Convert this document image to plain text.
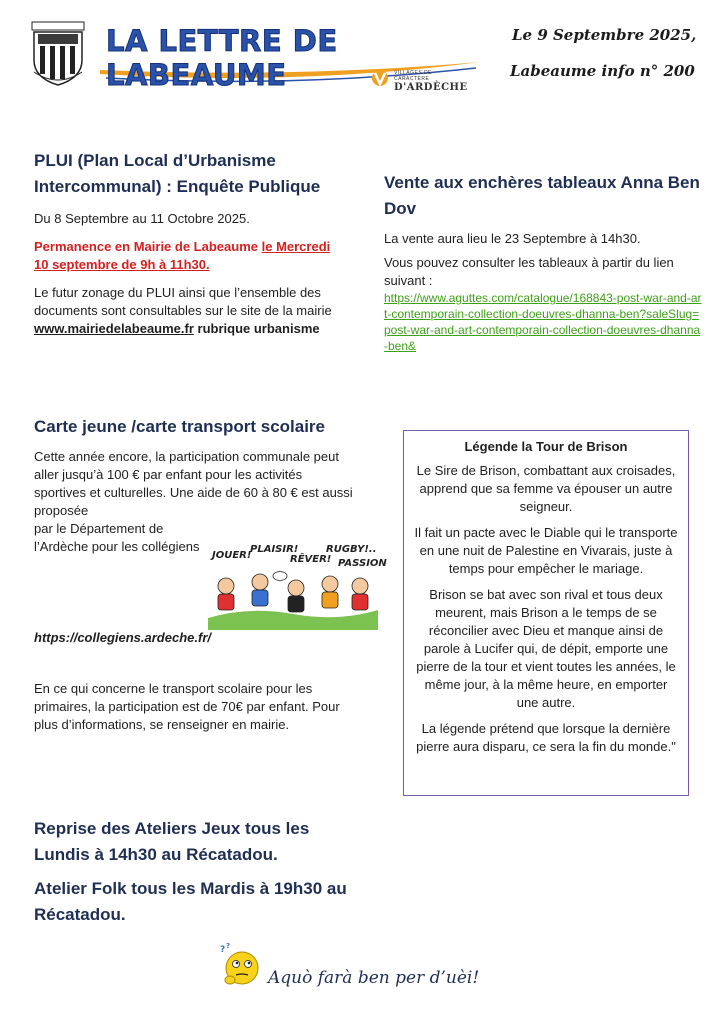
LA LETTRE DE LABEAUME	VILLAGES DE CARACTÈRE
D'ARDÈCHE
Le 9 Septembre 2025,
Labeaume info n° 200
PLUI (Plan Local d’Urbanisme Intercommunal) : Enquête Publique
Du 8 Septembre au 11 Octobre 2025.
Permanence en Mairie de Labeaume le Mercredi 10 septembre de 9h à 11h30.
Le futur zonage du PLUI ainsi que l’ensemble des documents sont consultables sur le site de la mairie www.mairiedelabeaume.fr rubrique urbanisme
Vente aux enchères tableaux Anna Ben Dov
La vente aura lieu le 23 Septembre à 14h30.
Vous pouvez consulter les tableaux à partir du lien suivant :
https://www.aguttes.com/catalogue/168843-post-war-and-art-contemporain-collection-doeuvres-dhanna-ben?saleSlug=post-war-and-art-contemporain-collection-doeuvres-dhanna-ben&
Carte jeune /carte transport scolaire
Cette année encore, la participation communale peut aller jusqu’à 100 € par enfant pour les activités sportives et culturelles. Une aide de 60 à 80 € est aussi proposée
par le Département de l’Ardèche pour les collégiens
JOUER!
PLAISIR!
RÊVER!
RUGBY!..
PASSION
https://collegiens.ardeche.fr/
En ce qui concerne le transport scolaire pour les primaires, la participation est de 70€ par enfant. Pour plus d’informations, se renseigner en mairie.
Légende la Tour de Brison
Le Sire de Brison, combattant aux croisades, apprend que sa femme va épouser un autre seigneur.
Il fait un pacte avec le Diable qui le transporte en une nuit de Palestine en Vivarais, juste à temps pour empêcher le mariage.
Brison se bat avec son rival et tous deux meurent, mais Brison a le temps de se réconcilier avec Dieu et manque ainsi de parole à Lucifer qui, de dépit, emporte une pierre de la tour et vient toutes les années, le même jour, à la même heure, en emporter une autre.
La légende prétend que lorsque la dernière pierre aura disparu, ce sera la fin du monde."
Reprise des Ateliers Jeux tous les Lundis à 14h30 au Récatadou.
Atelier Folk tous les Mardis à 19h30 au Récatadou.
? ?
Aquò farà ben per d’uèi!
